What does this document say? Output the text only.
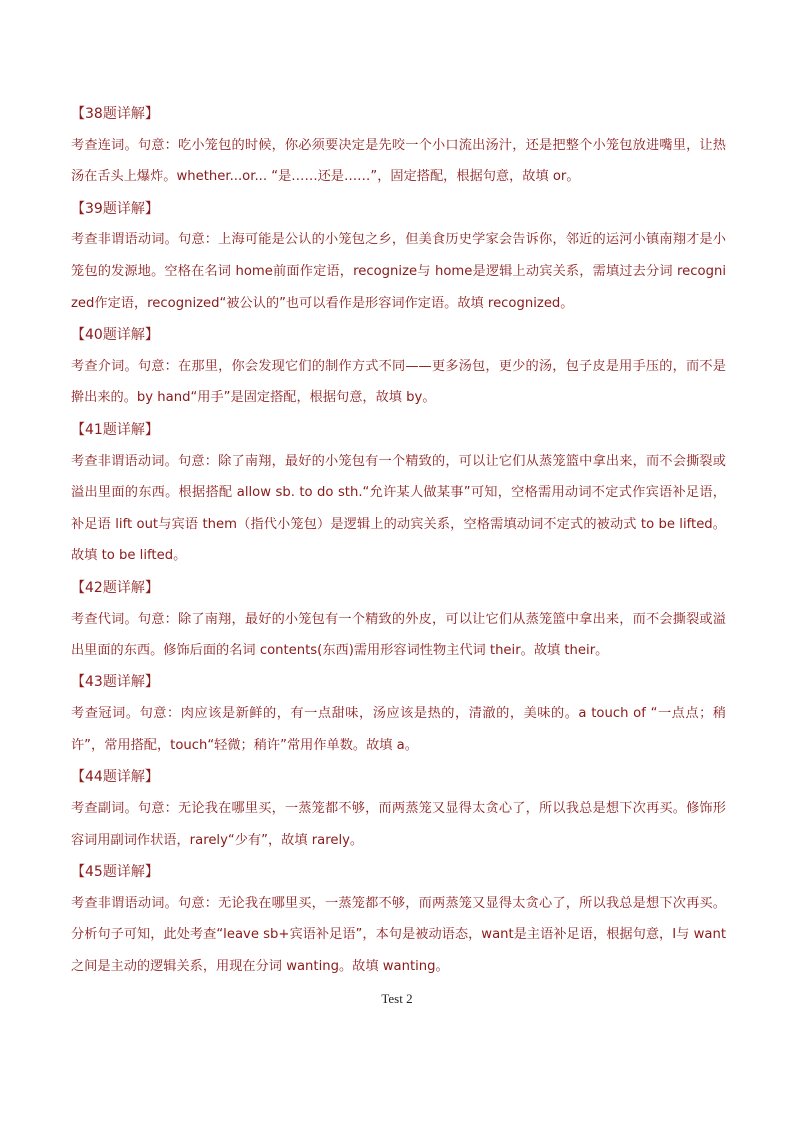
【38题详解】

考查连词。句意：吃小笼包的时候，你必须要决定是先咬一个小口流出汤汁，还是把整个小笼包放进嘴里，让热汤在舌头上爆炸。whether...or... “是……还是……”，固定搭配，根据句意，故填 or。

【39题详解】

考查非谓语动词。句意：上海可能是公认的小笼包之乡，但美食历史学家会告诉你，邻近的运河小镇南翔才是小笼包的发源地。空格在名词 home前面作定语，recognize与 home是逻辑上动宾关系，需填过去分词 recognized作定语，recognized“被公认的”也可以看作是形容词作定语。故填 recognized。

【40题详解】

考查介词。句意：在那里，你会发现它们的制作方式不同——更多汤包，更少的汤，包子皮是用手压的，而不是擀出来的。by hand“用手”是固定搭配，根据句意，故填 by。

【41题详解】

考查非谓语动词。句意：除了南翔，最好的小笼包有一个精致的，可以让它们从蒸笼篮中拿出来，而不会撕裂或溢出里面的东西。根据搭配 allow sb. to do sth.“允许某人做某事”可知，空格需用动词不定式作宾语补足语，补足语 lift out与宾语 them（指代小笼包）是逻辑上的动宾关系，空格需填动词不定式的被动式 to be lifted。故填 to be lifted。

【42题详解】

考查代词。句意：除了南翔，最好的小笼包有一个精致的外皮，可以让它们从蒸笼篮中拿出来，而不会撕裂或溢出里面的东西。修饰后面的名词 contents(东西)需用形容词性物主代词 their。故填 their。

【43题详解】

考查冠词。句意：肉应该是新鲜的，有一点甜味，汤应该是热的，清澈的，美味的。a touch of “一点点；稍许”，常用搭配，touch“轻微；稍许”常用作单数。故填 a。

【44题详解】

考查副词。句意：无论我在哪里买，一蒸笼都不够，而两蒸笼又显得太贪心了，所以我总是想下次再买。修饰形容词用副词作状语，rarely“少有”，故填 rarely。

【45题详解】

考查非谓语动词。句意：无论我在哪里买，一蒸笼都不够，而两蒸笼又显得太贪心了，所以我总是想下次再买。分析句子可知，此处考查“leave sb+宾语补足语”，本句是被动语态，want是主语补足语，根据句意，I与 want之间是主动的逻辑关系，用现在分词 wanting。故填 wanting。

Test 2
